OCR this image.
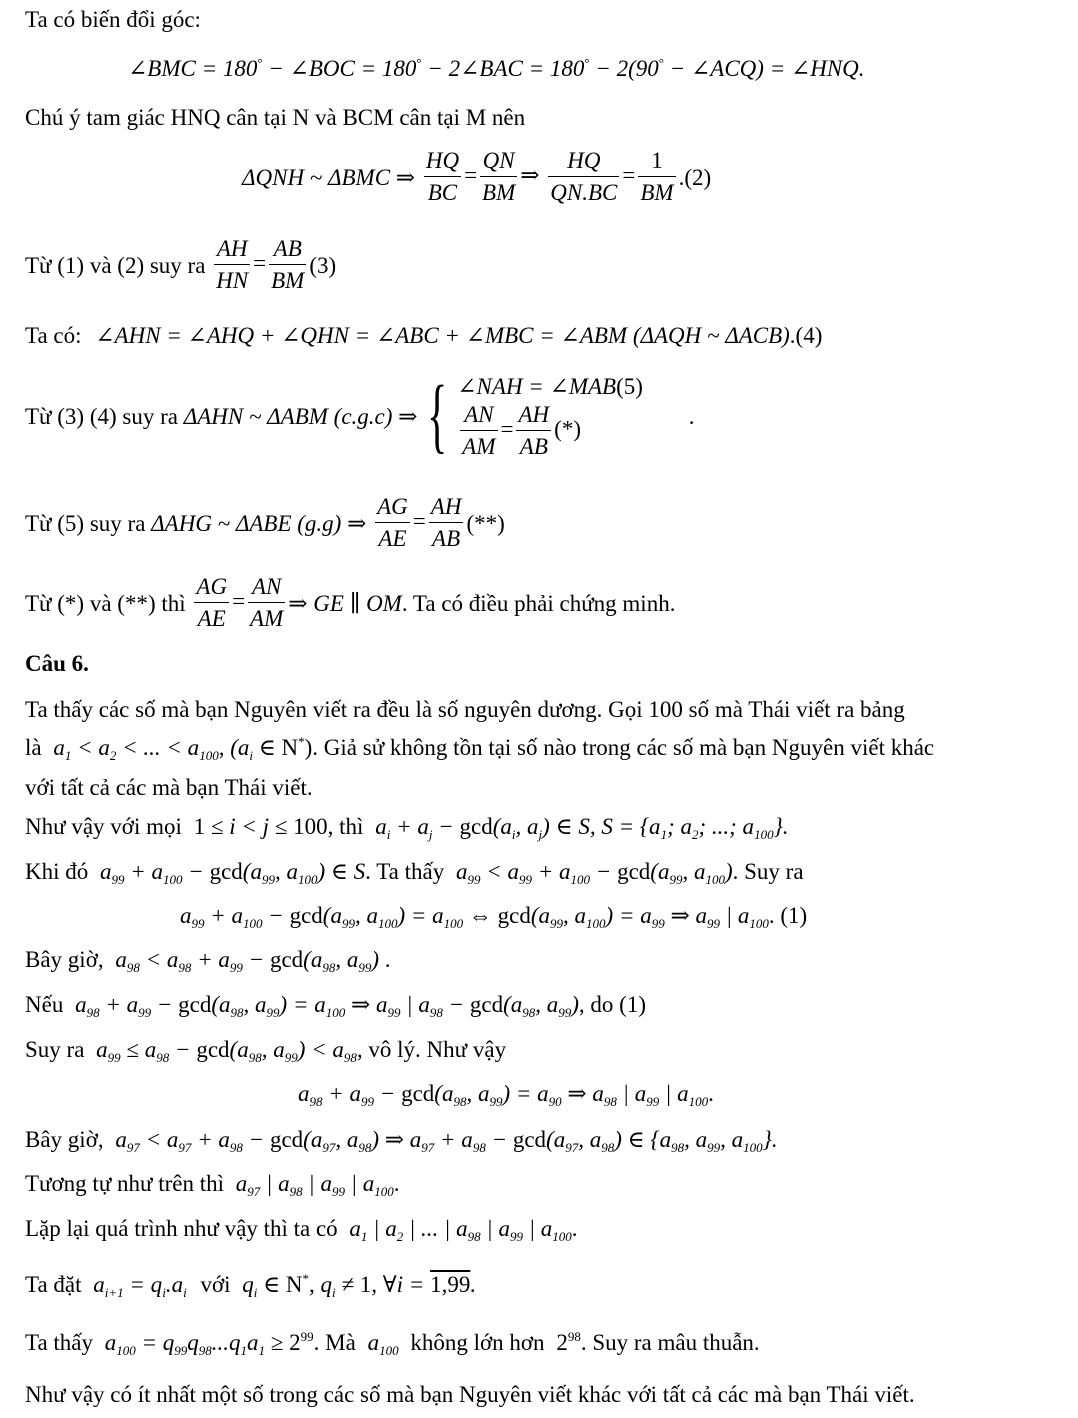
Ta có biến đổi góc:
∠BMC = 180° − ∠BOC = 180° − 2∠BAC = 180° − 2(90° − ∠ACQ) = ∠HNQ.
Chú ý tam giác HNQ cân tại N và BCM cân tại M nên
ΔQNH ~ ΔBMC ⇒ $\frac{HQ}{BC} = \frac{QN}{BM}$ ⇒ $\frac{HQ}{QN.BC} = \frac{1}{BM} .(2)$
Từ (1) và (2) suy ra $\frac{AH}{HN} = \frac{AB}{BM} (3)$
Ta có: ∠AHN = ∠AHQ + ∠QHN = ∠ABC + ∠MBC = ∠ABM (ΔAQH ~ ΔACB).(4)
Từ (3) (4) suy ra ΔAHN ~ ΔABM (c.g.c) ⇒ { ∠NAH = ∠MAB(5)
$\frac{AN}{AM} = \frac{AH}{AB}$ (*)
.
Từ (5) suy ra ΔAHG ~ ΔABE (g.g) ⇒ $\frac{AG}{AE} = \frac{AH}{AB}$ (**)
Từ (*) và (**) thì $\frac{AG}{AE} = \frac{AN}{AM}$ ⇒ GE ∥ OM. Ta có điều phải chứng minh.
Câu 6.
Ta thấy các số mà bạn Nguyên viết ra đều là số nguyên dương. Gọi 100 số mà Thái viết ra bảng
là $a_1 < a_2$ < ... < $a_{100}$, ($a_i$ ∈ N*). Giả sử không tồn tại số nào trong các số mà bạn Nguyên viết khác
với tất cả các mà bạn Thái viết.
Như vậy với mọi 1 ≤ i < j ≤ 100, thì $a_i + a_j - \gcd(a_i$, $a_j$) ∈ S, $S = \{a_1$; $a_2$; ...; $a_{100}$}.
Khi đó $a_{99} + a_{100} - \gcd(a_{99}$, $a_{100}$) ∈ S. Ta thấy $a_{99} < a_{99} + a_{100} - \gcd(a_{99}$, $a_{100}$). Suy ra
$a_{99} + a_{100} - \gcd(a_{99}$, $a_{100}) = a_{100}$ ⇔ $\gcd(a_{99}$, $a_{100}) = a_{99}$ ⇒ $a_{99}$ | $a_{100}$. (1)
Bây giờ, $a_{98} < a_{98} + a_{99} - \gcd(a_{98}$, $a_{99}$) .
Nếu $a_{98} + a_{99} - \gcd(a_{98}$, $a_{99}) = a_{100}$ ⇒ $a_{99}$ | $a_{98} - \gcd(a_{98}$, $a_{99}$), do (1)
Suy ra $a_{99} \le a_{98} - \gcd(a_{98}$, $a_{99}) < a_{98}$, vô lý. Như vậy
$a_{98} + a_{99} - \gcd(a_{98}$, $a_{99}) = a_{90}$ ⇒ $a_{98}$ | $a_{99}$ | $a_{100}$.
Bây giờ, $a_{97} < a_{97} + a_{98} - \gcd(a_{97}$, $a_{98}$) ⇒ $a_{97} + a_{98} - \gcd(a_{97}$, $a_{98}$) ∈ {$a_{98}$, $a_{99}$, $a_{100}$}.
Tương tự như trên thì $a_{97}$ | $a_{98}$ | $a_{99}$ | $a_{100}$.
Lặp lại quá trình như vậy thì ta có $a_1$ | $a_2$ | ... | $a_{98}$ | $a_{99}$ | $a_{100}$.
Ta đặt $a_{i+1} = q_i.a_i$ với $q_i$ ∈ N*, $q_i \ne 1$, ∀i = 1,99.
Ta thấy $a_{100} = q_{99}q_{98}...q_1a_1 \ge 2^{99}$. Mà $a_{100}$ không lớn hơn $2^{98}$. Suy ra mâu thuẫn.
Như vậy có ít nhất một số trong các số mà bạn Nguyên viết khác với tất cả các mà bạn Thái viết.
